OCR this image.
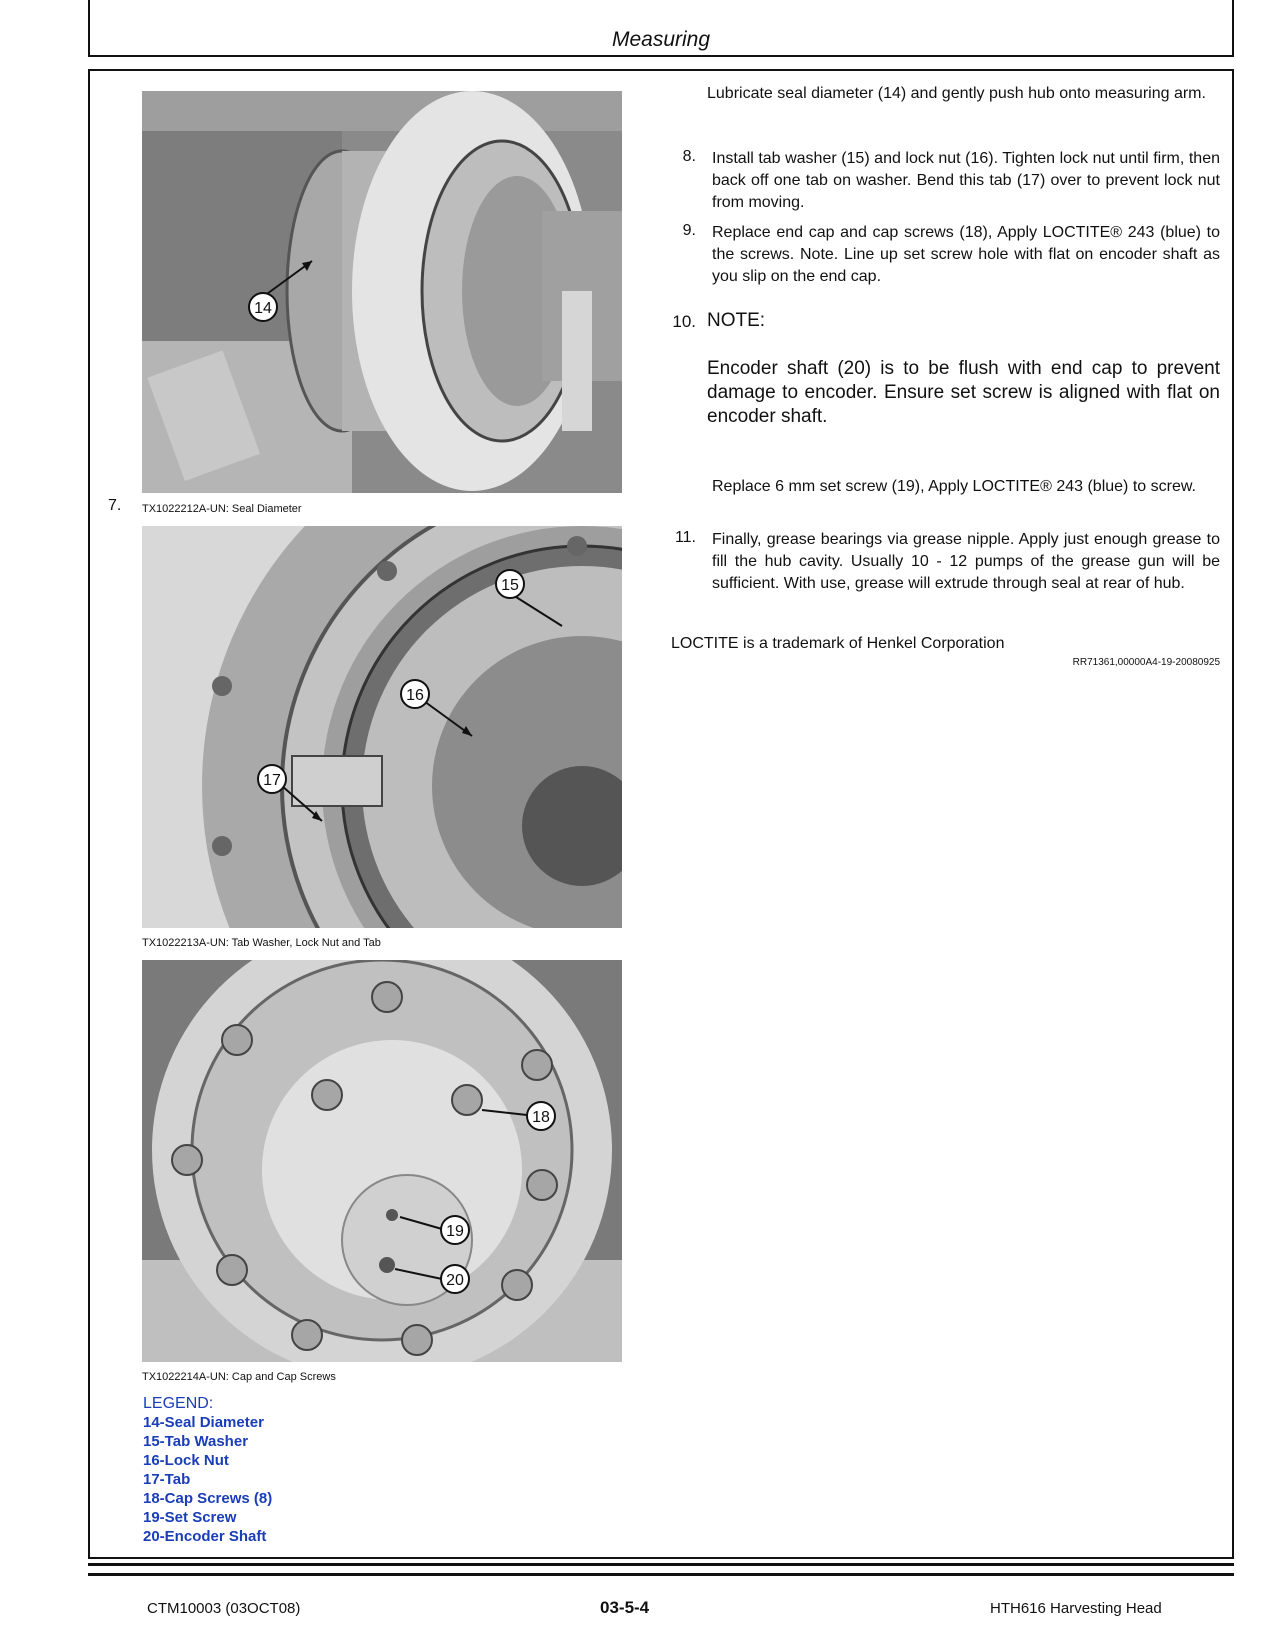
Measuring
7.
14
TX1022212A-UN: Seal Diameter
15
16
17
TX1022213A-UN: Tab Washer, Lock Nut and Tab
18
19
20
TX1022214A-UN: Cap and Cap Screws
LEGEND:
14-Seal Diameter
15-Tab Washer
16-Lock Nut
17-Tab
18-Cap Screws (8)
19-Set Screw
20-Encoder Shaft
Lubricate seal diameter (14) and gently push hub onto measuring arm.
8. Install tab washer (15) and lock nut (16). Tighten lock nut until firm, then back off one tab on washer. Bend this tab (17) over to prevent lock nut from moving.
9. Replace end cap and cap screws (18), Apply LOCTITE® 243 (blue) to the screws. Note. Line up set screw hole with flat on encoder shaft as you slip on the end cap.
10. NOTE:
Encoder shaft (20) is to be flush with end cap to prevent damage to encoder. Ensure set screw is aligned with flat on encoder shaft.
Replace 6 mm set screw (19), Apply LOCTITE® 243 (blue) to screw.
11. Finally, grease bearings via grease nipple. Apply just enough grease to fill the hub cavity. Usually 10 - 12 pumps of the grease gun will be sufficient. With use, grease will extrude through seal at rear of hub.
LOCTITE is a trademark of Henkel Corporation
RR71361,00000A4-19-20080925
CTM10003 (03OCT08)	03-5-4	HTH616 Harvesting Head
